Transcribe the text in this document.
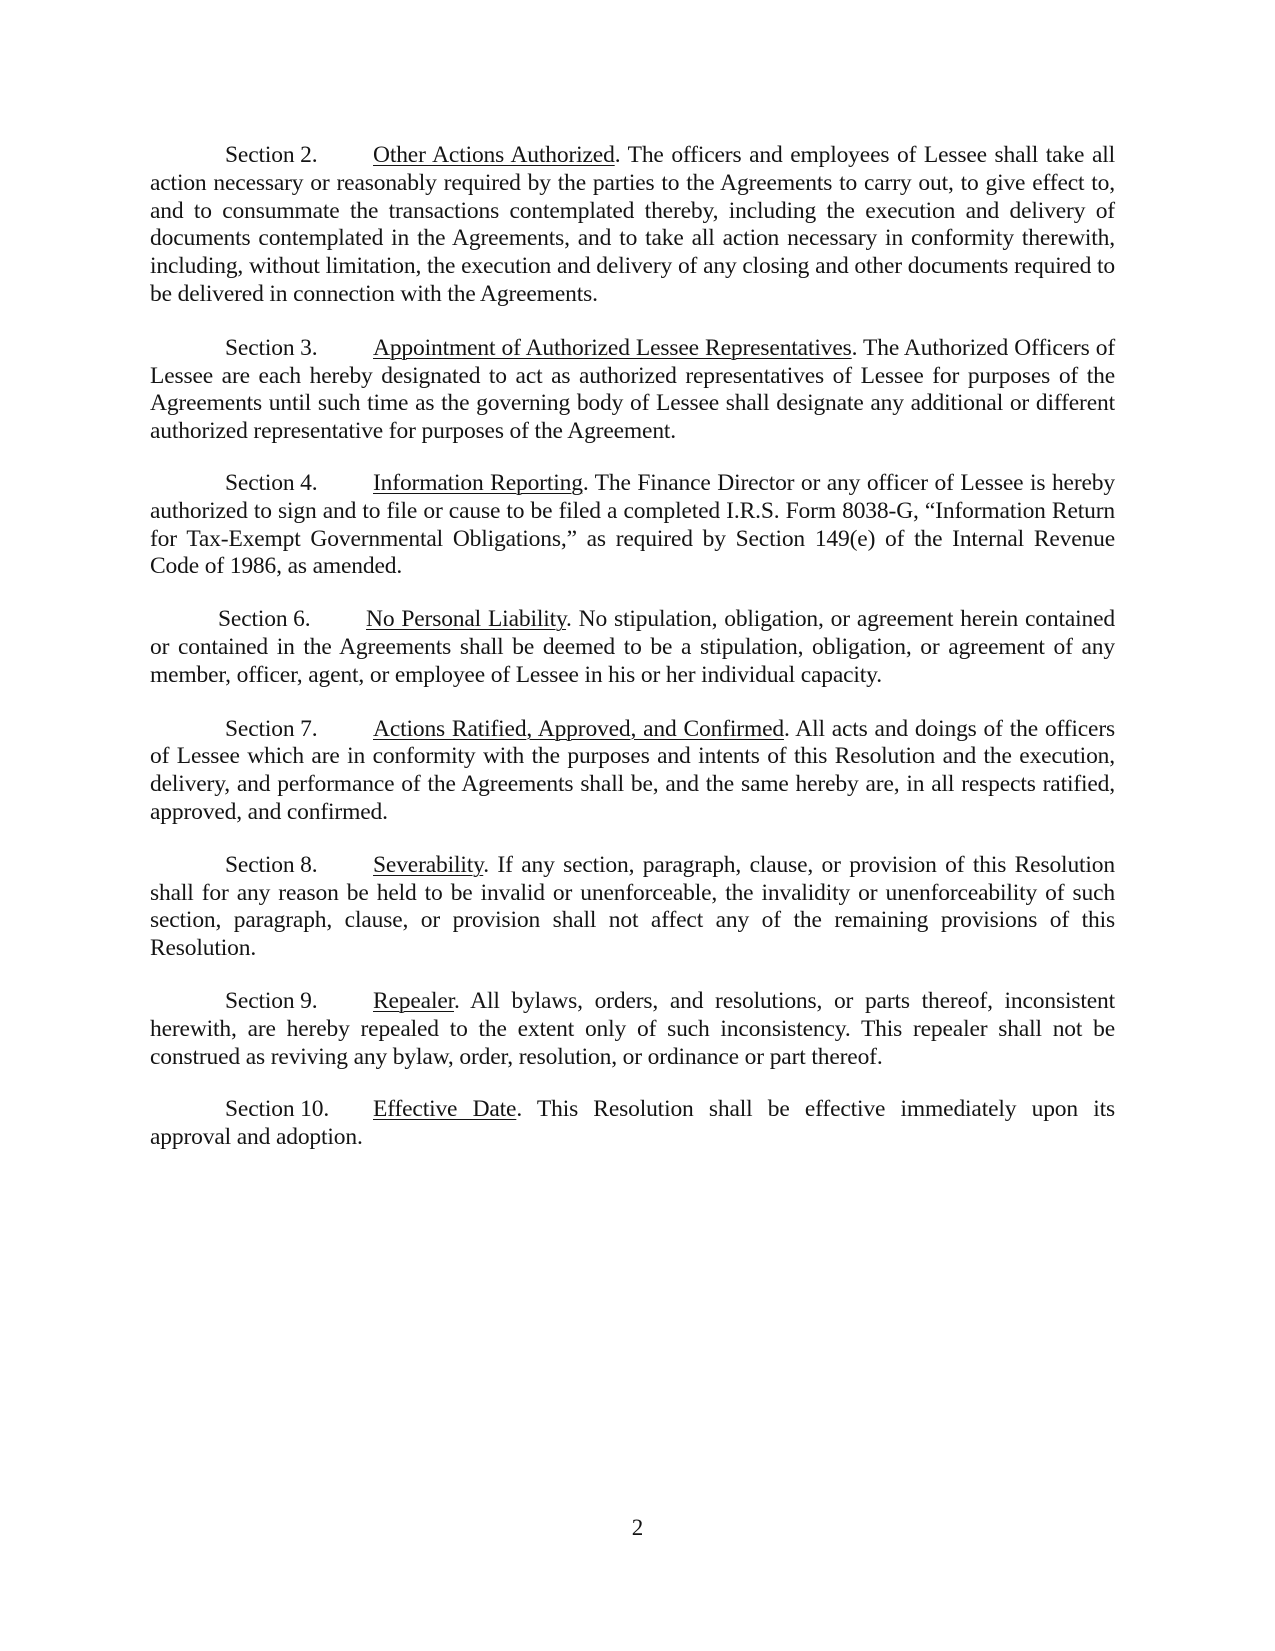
Section 2. Other Actions Authorized. The officers and employees of Lessee shall take all action necessary or reasonably required by the parties to the Agreements to carry out, to give effect to, and to consummate the transactions contemplated thereby, including the execution and delivery of documents contemplated in the Agreements, and to take all action necessary in conformity therewith, including, without limitation, the execution and delivery of any closing and other documents required to be delivered in connection with the Agreements.

Section 3. Appointment of Authorized Lessee Representatives. The Authorized Officers of Lessee are each hereby designated to act as authorized representatives of Lessee for purposes of the Agreements until such time as the governing body of Lessee shall designate any additional or different authorized representative for purposes of the Agreement.

Section 4. Information Reporting. The Finance Director or any officer of Lessee is hereby authorized to sign and to file or cause to be filed a completed I.R.S. Form 8038-G, “Information Return for Tax-Exempt Governmental Obligations,” as required by Section 149(e) of the Internal Revenue Code of 1986, as amended.

Section 6. No Personal Liability. No stipulation, obligation, or agreement herein contained or contained in the Agreements shall be deemed to be a stipulation, obligation, or agreement of any member, officer, agent, or employee of Lessee in his or her individual capacity.

Section 7. Actions Ratified, Approved, and Confirmed. All acts and doings of the officers of Lessee which are in conformity with the purposes and intents of this Resolution and the execution, delivery, and performance of the Agreements shall be, and the same hereby are, in all respects ratified, approved, and confirmed.

Section 8. Severability. If any section, paragraph, clause, or provision of this Resolution shall for any reason be held to be invalid or unenforceable, the invalidity or unenforceability of such section, paragraph, clause, or provision shall not affect any of the remaining provisions of this Resolution.

Section 9. Repealer. All bylaws, orders, and resolutions, or parts thereof, inconsistent herewith, are hereby repealed to the extent only of such inconsistency. This repealer shall not be construed as reviving any bylaw, order, resolution, or ordinance or part thereof.

Section 10. Effective Date. This Resolution shall be effective immediately upon its approval and adoption.

2
